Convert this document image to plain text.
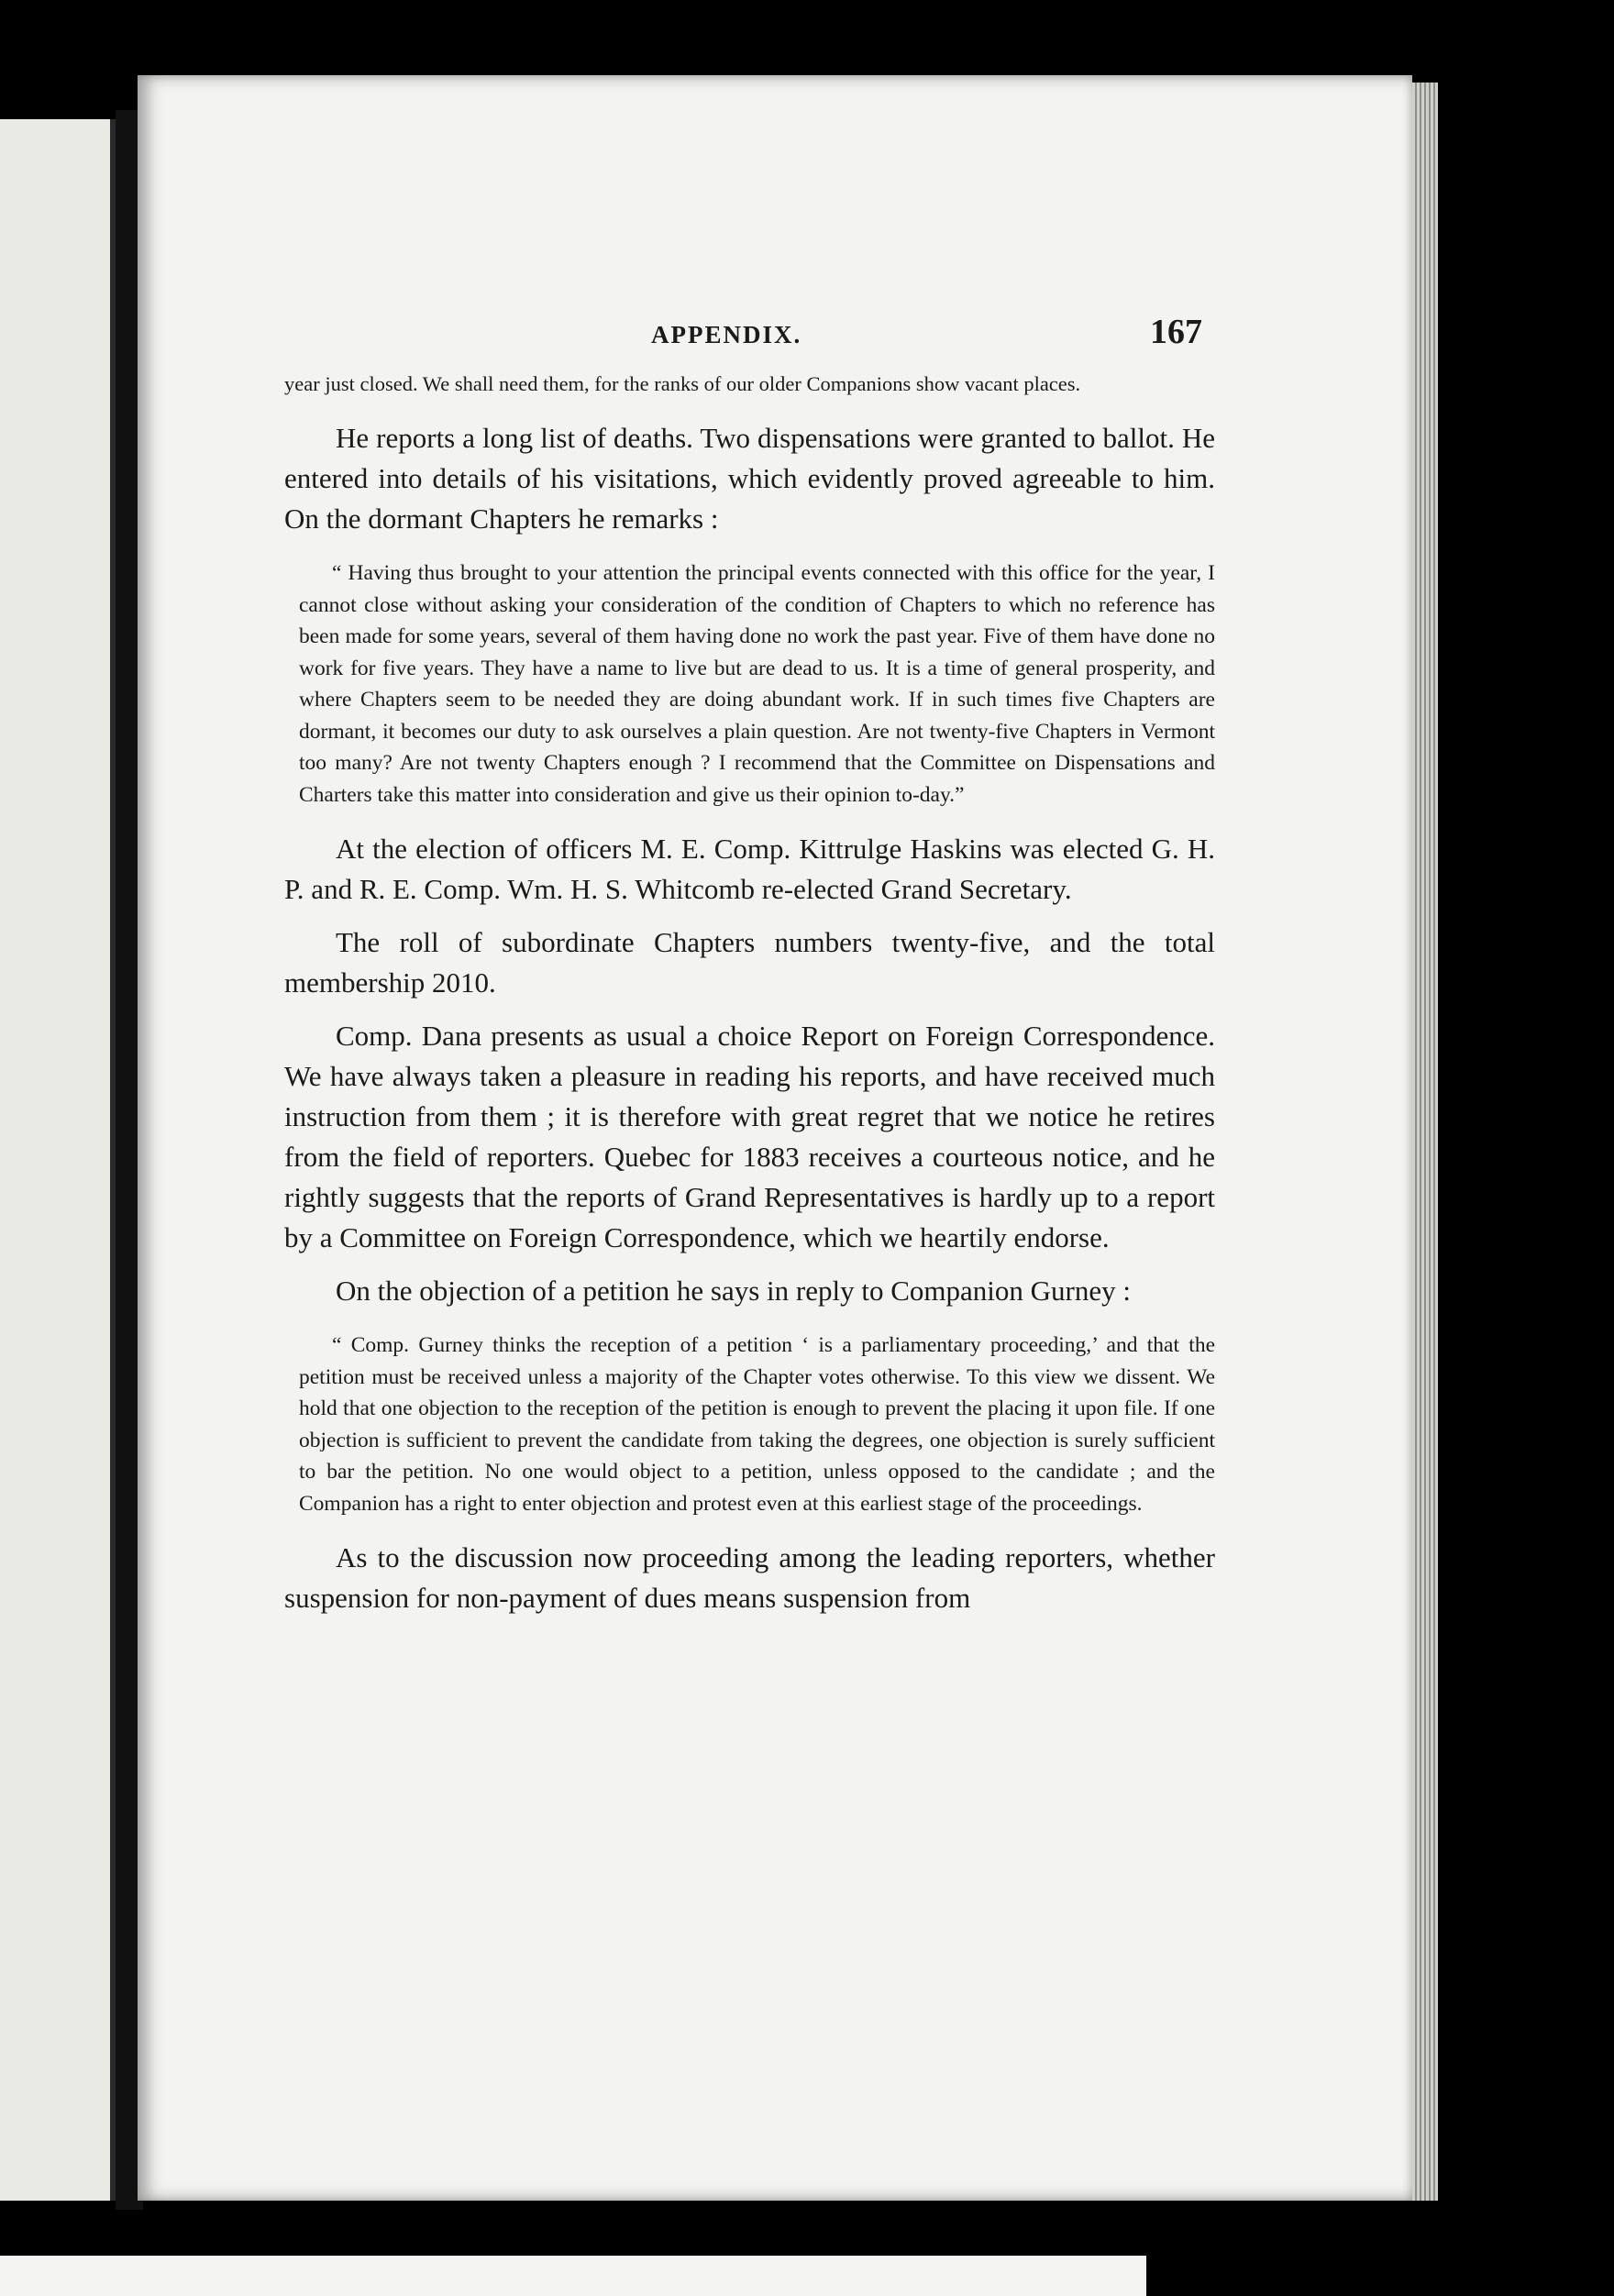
APPENDIX.	167

year just closed. We shall need them, for the ranks of our older Companions show vacant places.

He reports a long list of deaths. Two dispensations were granted to ballot. He entered into details of his visitations, which evidently proved agreeable to him. On the dormant Chapters he remarks :

“ Having thus brought to your attention the principal events connected with this office for the year, I cannot close without asking your consideration of the condition of Chapters to which no reference has been made for some years, several of them having done no work the past year. Five of them have done no work for five years. They have a name to live but are dead to us. It is a time of general prosperity, and where Chapters seem to be needed they are doing abundant work. If in such times five Chapters are dormant, it becomes our duty to ask ourselves a plain question. Are not twenty-five Chapters in Vermont too many? Are not twenty Chapters enough ? I recommend that the Committee on Dispensations and Charters take this matter into consideration and give us their opinion to-day.”

At the election of officers M. E. Comp. Kittrulge Haskins was elected G. H. P. and R. E. Comp. Wm. H. S. Whitcomb re-elected Grand Secretary.

The roll of subordinate Chapters numbers twenty-five, and the total membership 2010.

Comp. Dana presents as usual a choice Report on Foreign Correspondence. We have always taken a pleasure in reading his reports, and have received much instruction from them ; it is therefore with great regret that we notice he retires from the field of reporters. Quebec for 1883 receives a courteous notice, and he rightly suggests that the reports of Grand Representatives is hardly up to a report by a Committee on Foreign Correspondence, which we heartily endorse.

On the objection of a petition he says in reply to Companion Gurney :

“ Comp. Gurney thinks the reception of a petition ‘ is a parliamentary proceeding,’ and that the petition must be received unless a majority of the Chapter votes otherwise. To this view we dissent. We hold that one objection to the reception of the petition is enough to prevent the placing it upon file. If one objection is sufficient to prevent the candidate from taking the degrees, one objection is surely sufficient to bar the petition. No one would object to a petition, unless opposed to the candidate ; and the Companion has a right to enter objection and protest even at this earliest stage of the proceedings.

As to the discussion now proceeding among the leading reporters, whether suspension for non-payment of dues means suspension from
